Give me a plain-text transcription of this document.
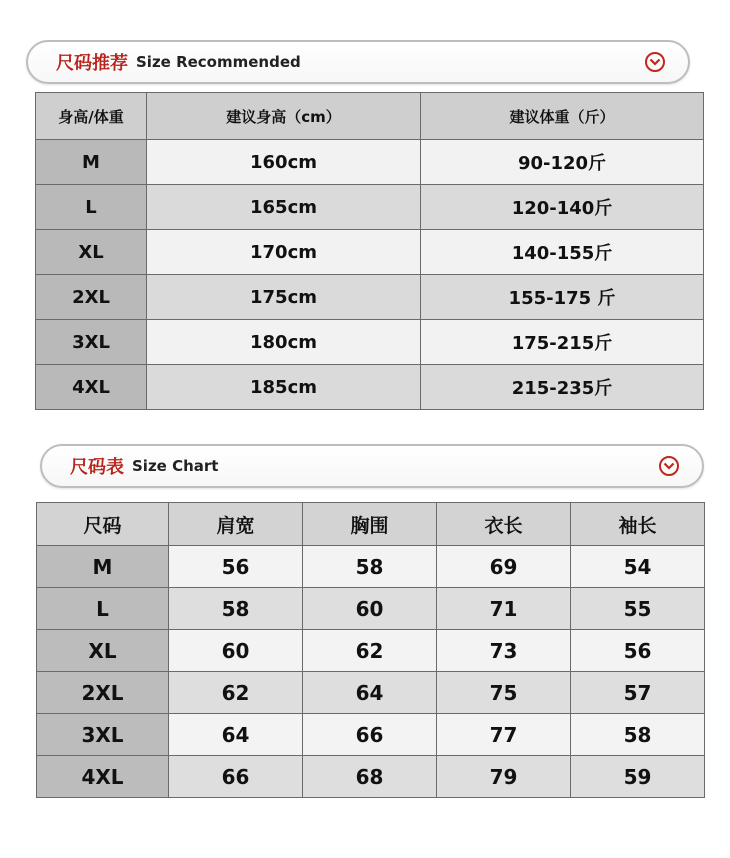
尺码推荐 Size Recommended
身高/体重	建议身高（cm）	建议体重（斤）
M	160cm	90-120斤
L	165cm	120-140斤
XL	170cm	140-155斤
2XL	175cm	155-175 斤
3XL	180cm	175-215斤
4XL	185cm	215-235斤
尺码表 Size Chart
尺码	肩宽	胸围	衣长	袖长
M	56	58	69	54
L	58	60	71	55
XL	60	62	73	56
2XL	62	64	75	57
3XL	64	66	77	58
4XL	66	68	79	59
